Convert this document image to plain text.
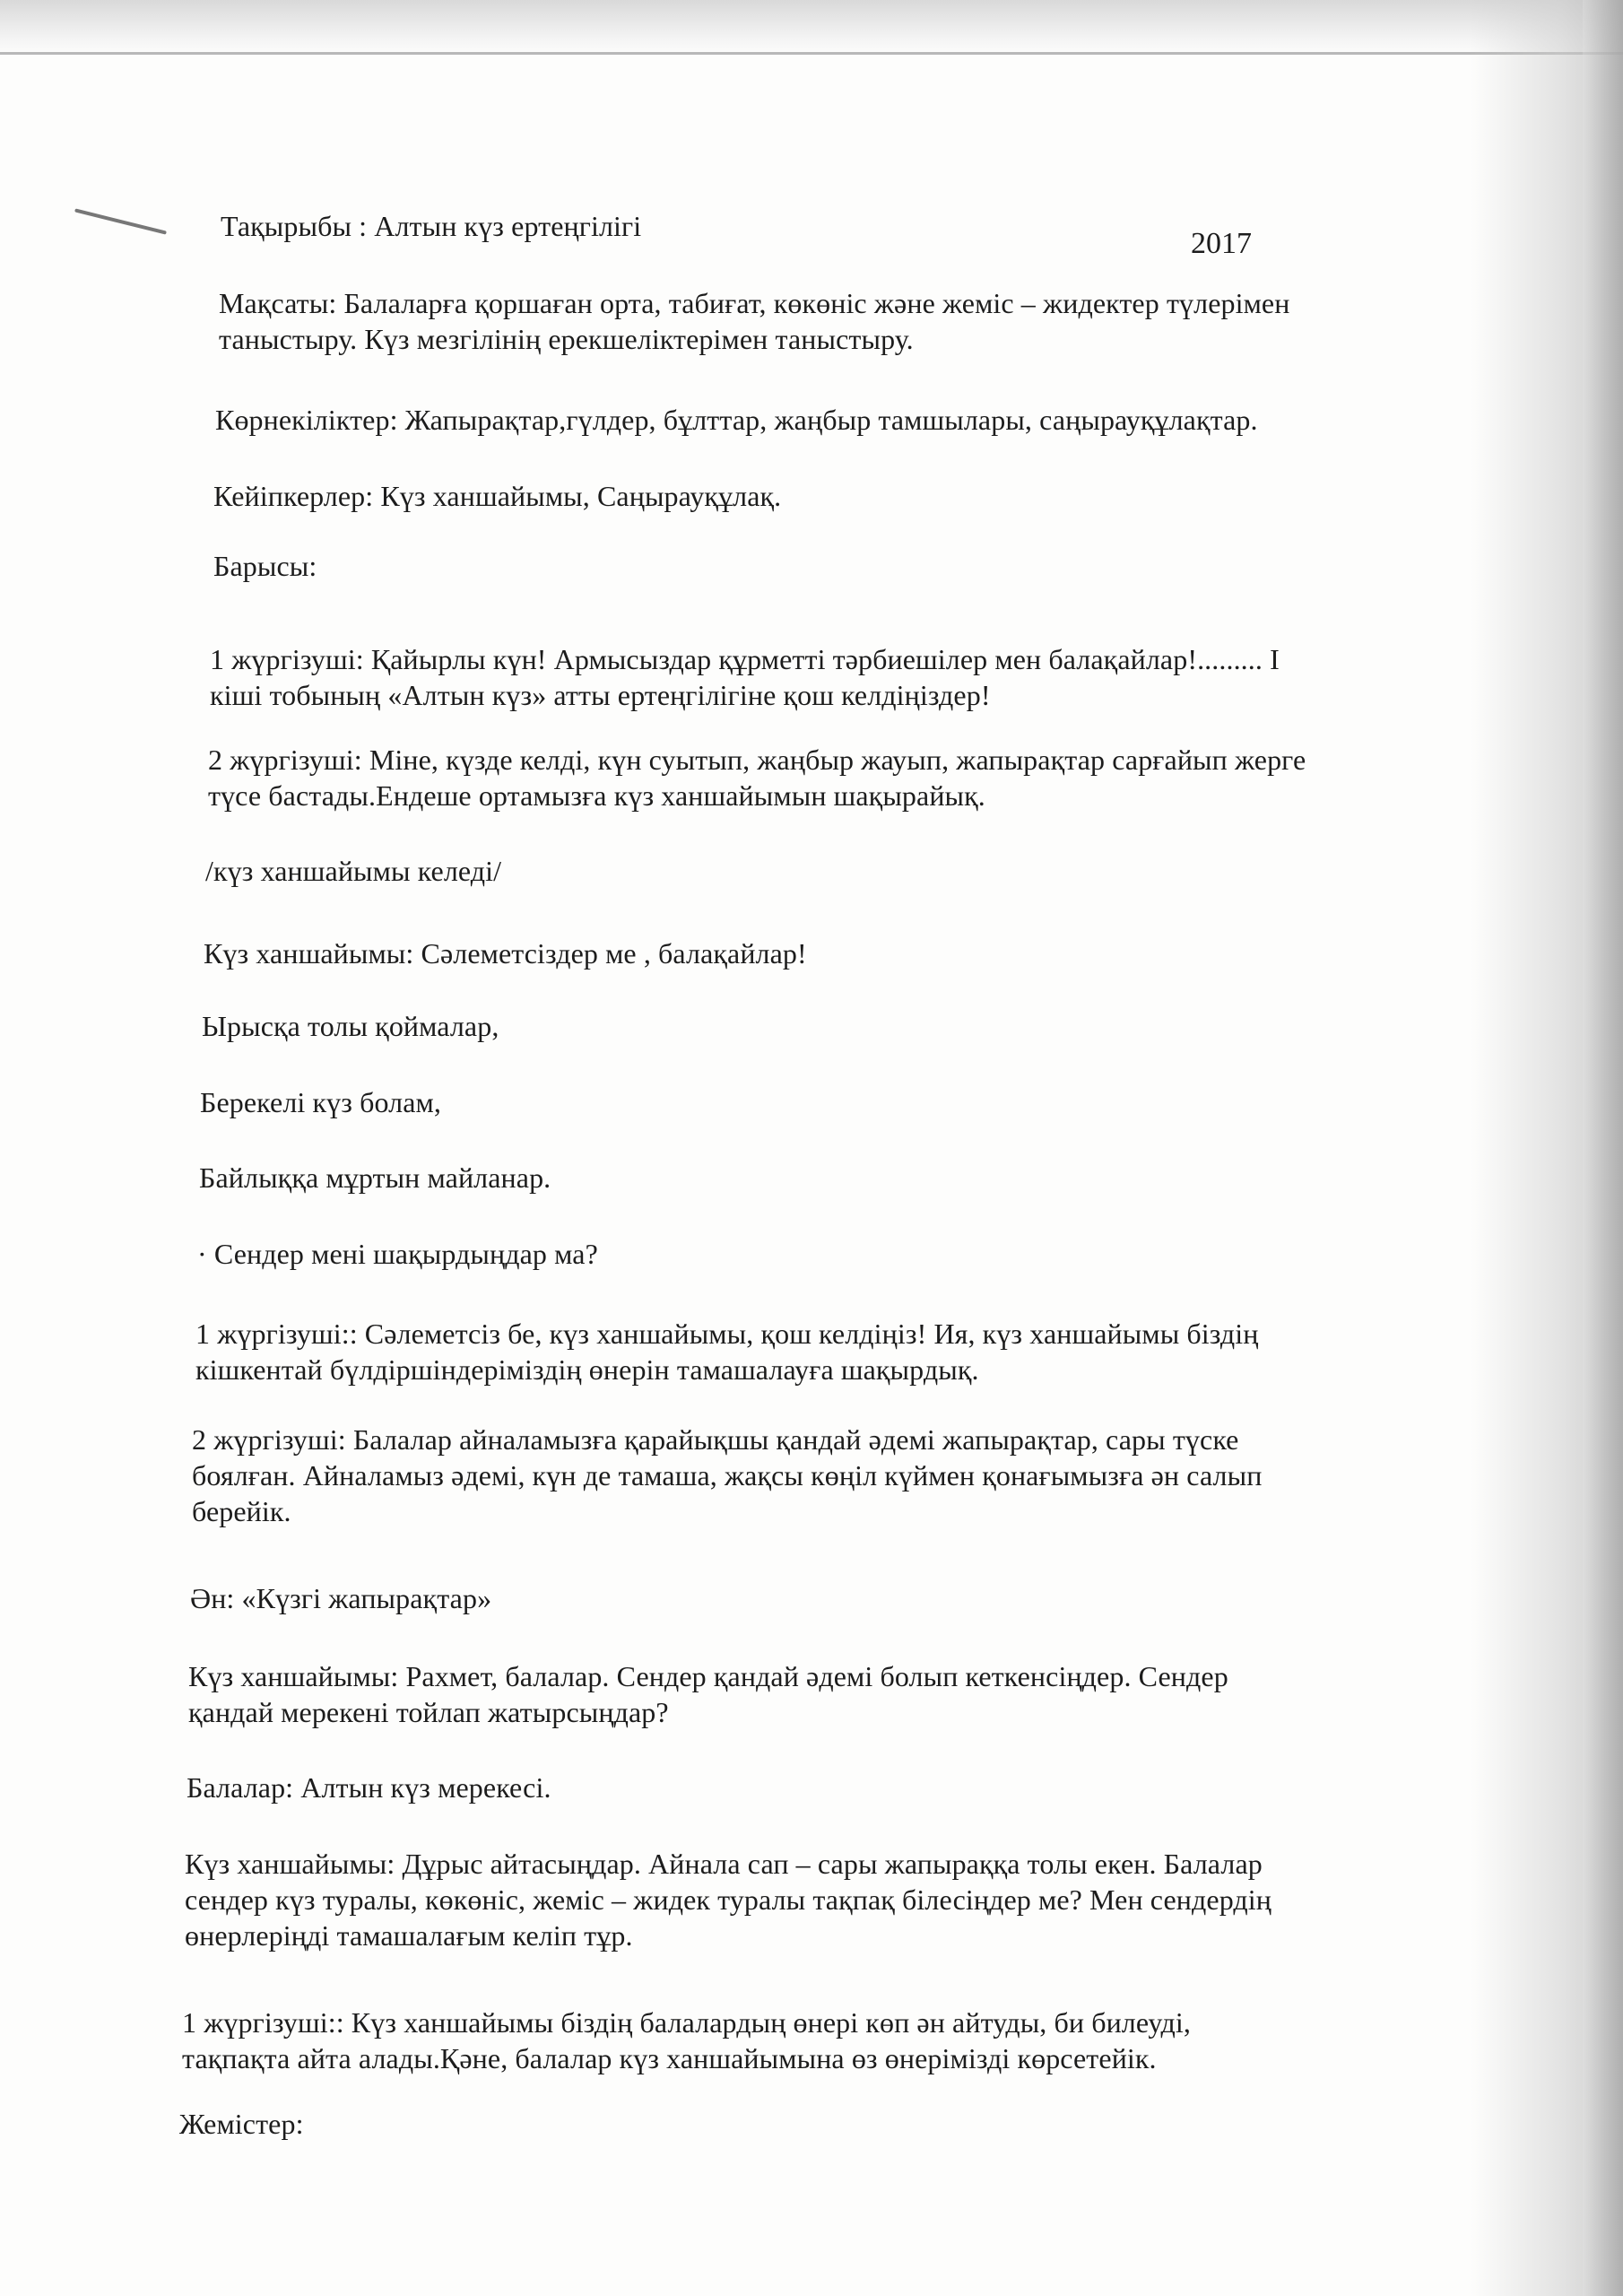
Тақырыбы : Алтын күз ертеңгілігі

2017

Мақсаты: Балаларға қоршаған орта, табиғат, көкөніс және жеміс – жидектер түлерімен
таныстыру. Күз мезгілінің ерекшеліктерімен таныстыру.
Көрнекіліктер: Жапырақтар,гүлдер, бұлттар, жаңбыр тамшылары, саңырауқұлақтар.
Кейіпкерлер: Күз ханшайымы, Саңырауқұлақ.
Барысы:
1 жүргізуші: Қайырлы күн! Армысыздар құрметті тәрбиешілер мен балақайлар!......... I
кіші тобының «Алтын күз» атты ертеңгілігіне қош келдіңіздер!
2 жүргізуші: Міне, күзде келді, күн суытып, жаңбыр жауып, жапырақтар сарғайып жерге
түсе бастады.Ендеше ортамызға күз ханшайымын шақырайық.
/күз ханшайымы келеді/
Күз ханшайымы: Сәлеметсіздер ме , балақайлар!
Ырысқа толы қоймалар,
Берекелі күз болам,
Байлыққа мұртын майланар.
· Сендер мені шақырдыңдар ма?
1 жүргізуші:: Сәлеметсіз бе, күз ханшайымы, қош келдіңіз! Ия, күз ханшайымы біздің
кішкентай бүлдіршіндеріміздің өнерін тамашалауға шақырдық.
2 жүргізуші: Балалар айналамызға қарайықшы қандай әдемі жапырақтар, сары түске
боялған. Айналамыз әдемі, күн де тамаша, жақсы көңіл күймен қонағымызға ән салып
берейік.
Ән: «Күзгі жапырақтар»
Күз ханшайымы: Рахмет, балалар. Сендер қандай әдемі болып кеткенсіңдер. Сендер
қандай мерекені тойлап жатырсыңдар?
Балалар: Алтын күз мерекесі.
Күз ханшайымы: Дұрыс айтасыңдар. Айнала сап – сары жапыраққа толы екен. Балалар
сендер күз туралы, көкөніс, жеміс – жидек туралы тақпақ білесіңдер ме? Мен сендердің
өнерлеріңді тамашалағым келіп тұр.
1 жүргізуші:: Күз ханшайымы біздің балалардың өнері көп ән айтуды, би билеуді,
тақпақта айта алады.Қәне, балалар күз ханшайымына өз өнерімізді көрсетейік.
Жемістер:
